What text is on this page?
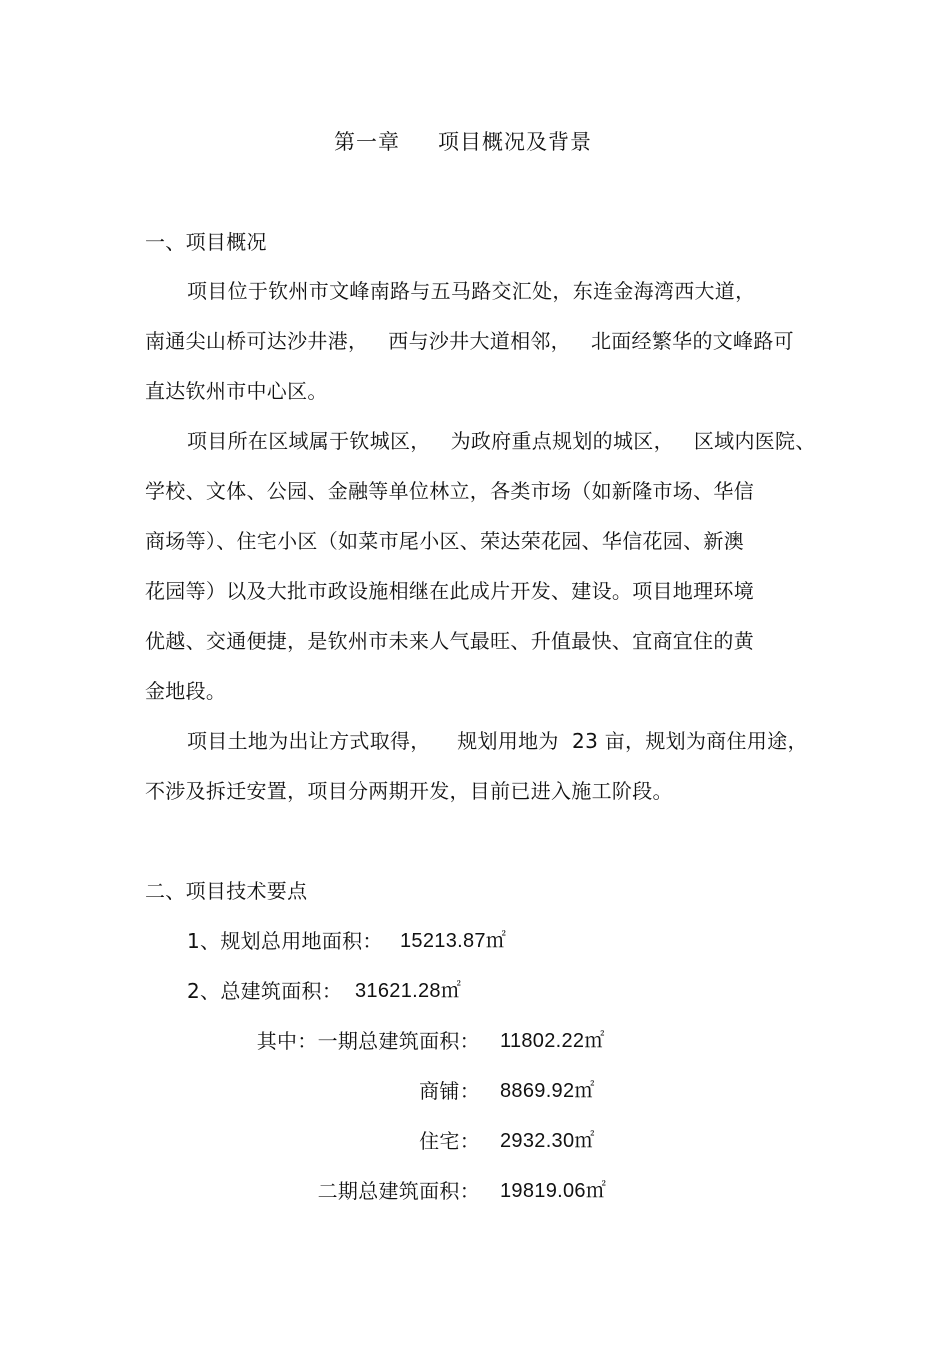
第一章 项目概况及背景
一、项目概况
项目位于钦州市文峰南路与五马路交汇处，东连金海湾西大道，
南通尖山桥可达沙井港，   西与沙井大道相邻，   北面经繁华的文峰路可
直达钦州市中心区。
项目所在区域属于钦城区，   为政府重点规划的城区，   区域内医院、
学校、文体、公园、金融等单位林立，各类市场（如新隆市场、华信
商场等）、住宅小区（如菜市尾小区、荣达荣花园、华信花园、新澳
花园等）以及大批市政设施相继在此成片开发、建设。项目地理环境
优越、交通便捷，是钦州市未来人气最旺、升值最快、宜商宜住的黄
金地段。
项目土地为出让方式取得，    规划用地为  23 亩，规划为商住用途，
不涉及拆迁安置，项目分两期开发，目前已进入施工阶段。
二、项目技术要点
1、规划总用地面积： 15213.87㎡
2、总建筑面积： 31621.28㎡
其中：一期总建筑面积： 11802.22㎡
商铺： 8869.92㎡
住宅： 2932.30㎡
二期总建筑面积： 19819.06㎡
